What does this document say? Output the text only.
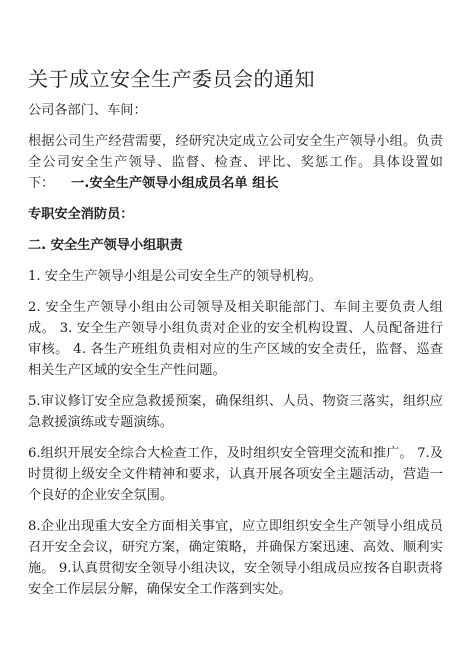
关于成立安全生产委员会的通知
公司各部门、车间：
根据公司生产经营需要，经研究决定成立公司安全生产领导小组。负责全公司安全生产领导、监督、检查、评比、奖惩工作。具体设置如下： 一.安全生产领导小组成员名单 组长
专职安全消防员：
二. 安全生产领导小组职责
1. 安全生产领导小组是公司安全生产的领导机构。
2. 安全生产领导小组由公司领导及相关职能部门、车间主要负责人组成。 3. 安全生产领导小组负责对企业的安全机构设置、人员配备进行审核。 4. 各生产班组负责相对应的生产区域的安全责任，监督、巡查相关生产区域的安全生产性问题。
5.审议修订安全应急救援预案，确保组织、人员、物资三落实，组织应急救援演练或专题演练。
6.组织开展安全综合大检查工作，及时组织安全管理交流和推广。 7.及时贯彻上级安全文件精神和要求，认真开展各项安全主题活动，营造一个良好的企业安全氛围。
8.企业出现重大安全方面相关事宜，应立即组织安全生产领导小组成员召开安全会议，研究方案，确定策略，并确保方案迅速、高效、顺利实施。 9.认真贯彻安全领导小组决议，安全领导小组成员应按各自职责将安全工作层层分解，确保安全工作落到实处。
